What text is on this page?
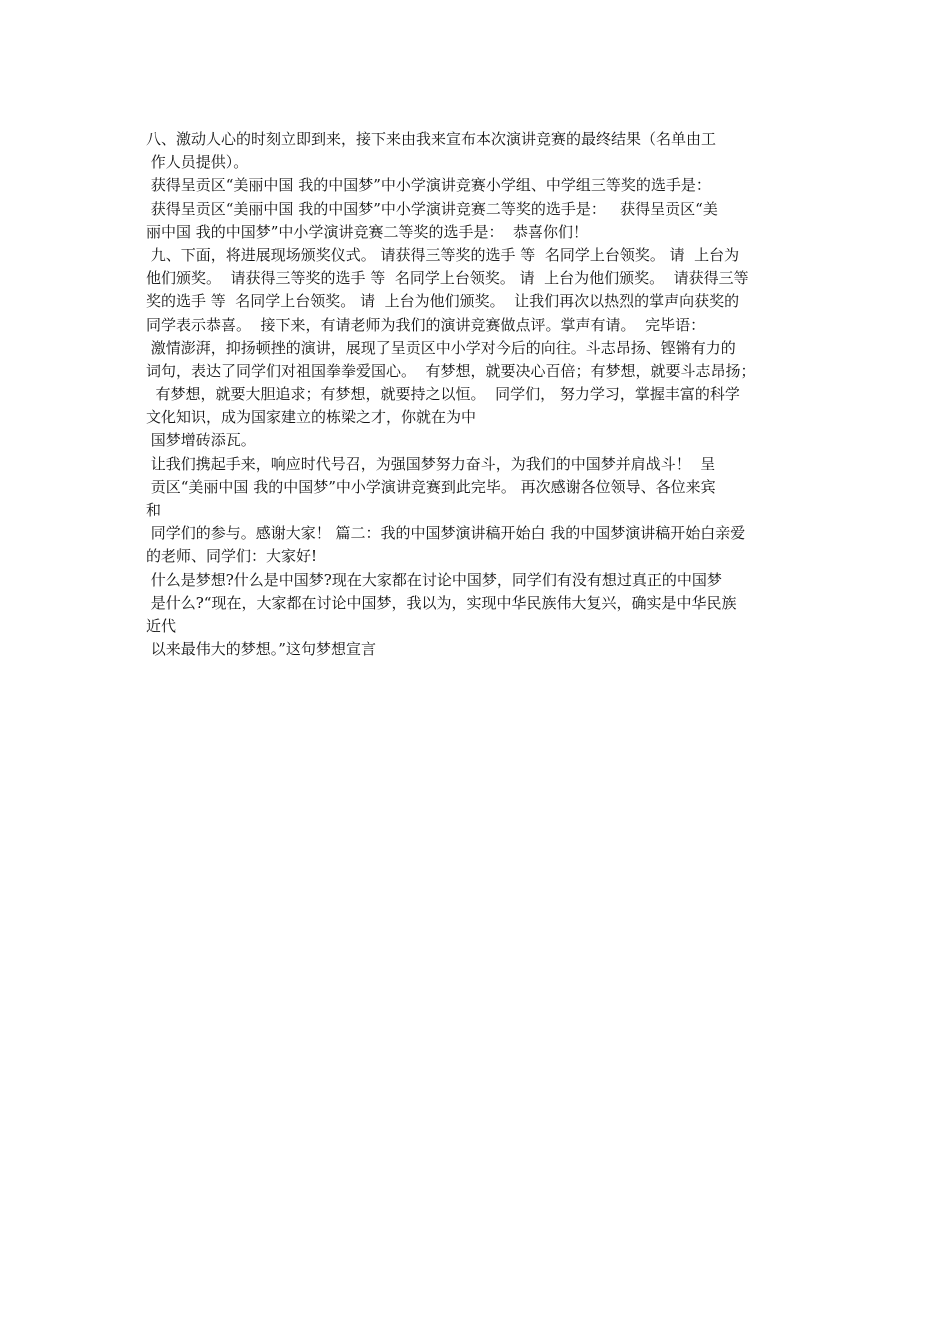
八、激动人心的时刻立即到来，接下来由我来宣布本次演讲竞赛的最终结果（名单由工
作人员提供）。
获得呈贡区“美丽中国 我的中国梦”中小学演讲竞赛小学组、中学组三等奖的选手是：
获得呈贡区“美丽中国 我的中国梦”中小学演讲竞赛二等奖的选手是：   获得呈贡区“美
丽中国 我的中国梦”中小学演讲竞赛二等奖的选手是：  恭喜你们！
九、下面，将进展现场颁奖仪式。 请获得三等奖的选手 等  名同学上台领奖。 请  上台为
他们颁奖。  请获得三等奖的选手 等  名同学上台领奖。 请  上台为他们颁奖。  请获得三等
奖的选手 等  名同学上台领奖。 请  上台为他们颁奖。  让我们再次以热烈的掌声向获奖的
同学表示恭喜。  接下来，有请老师为我们的演讲竞赛做点评。掌声有请。  完毕语：
激情澎湃，抑扬顿挫的演讲，展现了呈贡区中小学对今后的向往。斗志昂扬、铿锵有力的
词句，表达了同学们对祖国拳拳爱国心。  有梦想，就要决心百倍；有梦想，就要斗志昂扬；
有梦想，就要大胆追求；有梦想，就要持之以恒。  同学们， 努力学习，掌握丰富的科学
文化知识，成为国家建立的栋梁之才，你就在为中
国梦增砖添瓦。
让我们携起手来，响应时代号召，为强国梦努力奋斗，为我们的中国梦并肩战斗！  呈
贡区“美丽中国 我的中国梦”中小学演讲竞赛到此完毕。 再次感谢各位领导、各位来宾
和
同学们的参与。感谢大家！ 篇二：我的中国梦演讲稿开始白 我的中国梦演讲稿开始白亲爱
的老师、同学们：大家好!
什么是梦想?什么是中国梦?现在大家都在讨论中国梦，同学们有没有想过真正的中国梦
是什么?“现在，大家都在讨论中国梦，我以为，实现中华民族伟大复兴，确实是中华民族
近代
以来最伟大的梦想。”这句梦想宣言
